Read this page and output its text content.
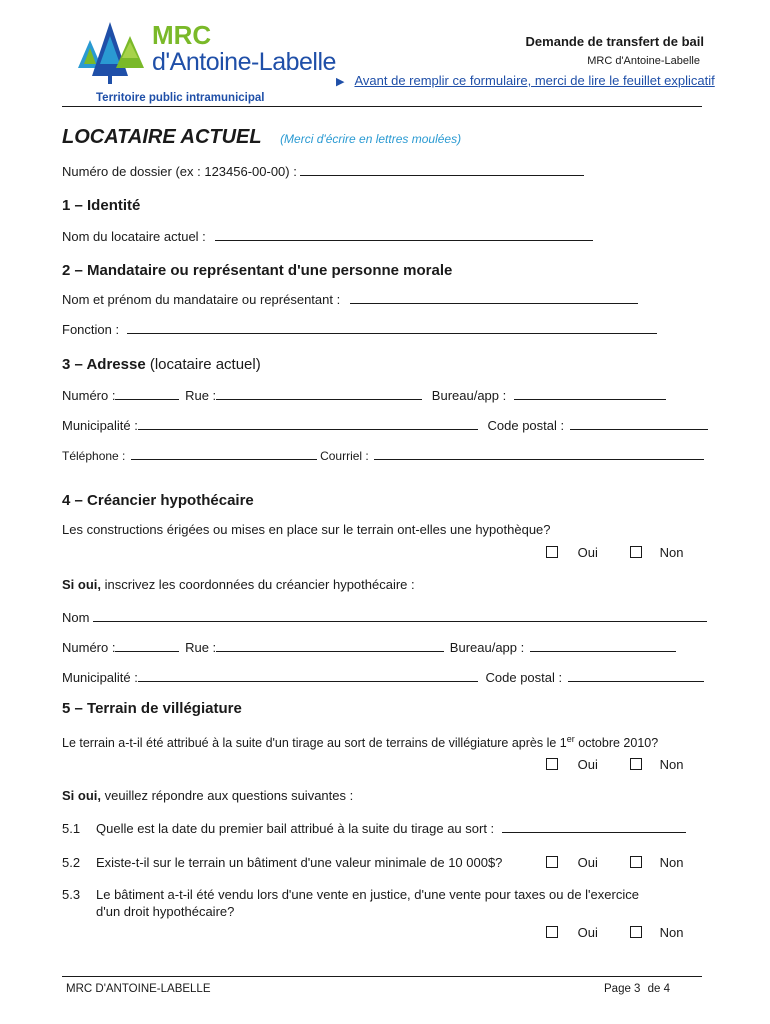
MRC
d'Antoine-Labelle
Territoire public intramunicipal
Demande de transfert de bail
MRC d'Antoine-Labelle
▶ Avant de remplir ce formulaire, merci de lire le feuillet explicatif
LOCATAIRE ACTUEL (Merci d'écrire en lettres moulées)
Numéro de dossier (ex : 123456-00-00) :
1 – Identité
Nom du locataire actuel :
2 – Mandataire ou représentant d'une personne morale
Nom et prénom du mandataire ou représentant :
Fonction :
3 – Adresse (locataire actuel)
Numéro :	Rue :	Bureau/app :
Municipalité :	Code postal :
Téléphone :	Courriel :
4 – Créancier hypothécaire
Les constructions érigées ou mises en place sur le terrain ont-elles une hypothèque?
Oui	Non
Si oui, inscrivez les coordonnées du créancier hypothécaire :
Nom
Numéro :	Rue :	Bureau/app :
Municipalité :	Code postal :
5 – Terrain de villégiature
Le terrain a-t-il été attribué à la suite d'un tirage au sort de terrains de villégiature après le 1er octobre 2010?
Oui	Non
Si oui, veuillez répondre aux questions suivantes :
5.1 Quelle est la date du premier bail attribué à la suite du tirage au sort :
5.2 Existe-t-il sur le terrain un bâtiment d'une valeur minimale de 10 000$?	Oui	Non
5.3 Le bâtiment a-t-il été vendu lors d'une vente en justice, d'une vente pour taxes ou de l'exercice
d'un droit hypothécaire?
Oui	Non
MRC D'ANTOINE-LABELLE	Page 3 de 4
